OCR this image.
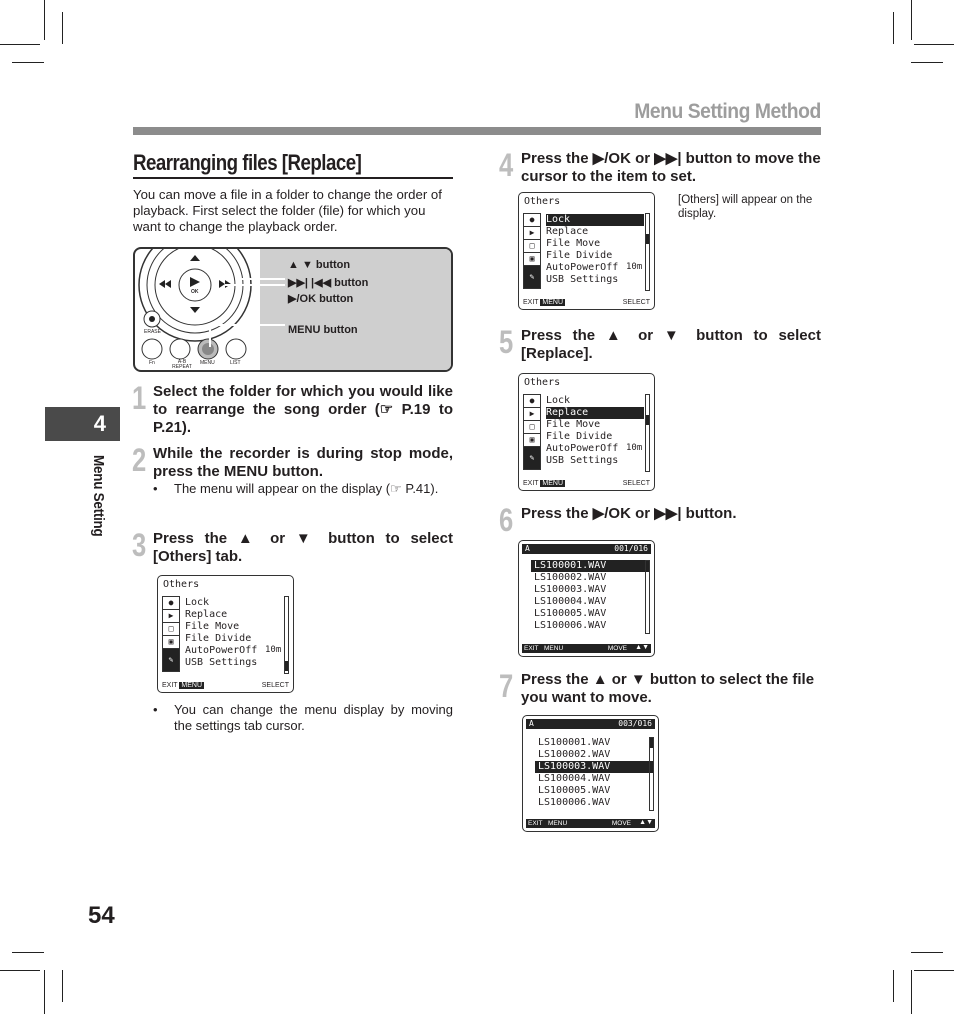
Menu Setting Method
Rearranging files [Replace]
You can move a file in a folder to change the order of playback. First select the folder (file) for which you want to change the playback order.
OK
ERASE
Fn	A-B REPEAT
MENU	LIST
▲ ▼ button
▶▶| |◀◀ button
▶/OK button
MENU button
1 Select the folder for which you would like to rearrange the song order (☞ P.19 to P.21).
2 While the recorder is during stop mode, press the MENU button.
•	The menu will appear on the display (☞ P.41).
3 Press the ▲ or ▼ button to select [Others] tab.
Others
●
▶
□
▣
✎
Lock
Replace
File Move
File Divide
AutoPowerOff
USB Settings
10m
EXIT MENU	SELECT
•	You can change the menu display by moving the settings tab cursor.
4 Press the ▶/OK or ▶▶| button to move the cursor to the item to set.
Others
●
▶
□
▣
✎
Lock
Replace
File Move
File Divide
AutoPowerOff
USB Settings
10m
EXIT MENU	SELECT
[Others] will appear on the display.
5 Press the ▲ or ▼ button to select [Replace].
Others
●
▶
□
▣
✎
Lock
Replace
File Move
File Divide
AutoPowerOff
USB Settings
10m
EXIT MENU	SELECT
6 Press the ▶/OK or ▶▶| button.
A	001/016
LS100001.WAV
LS100002.WAV
LS100003.WAV
LS100004.WAV
LS100005.WAV
LS100006.WAV
EXIT MENU	MOVE ▲▼
7 Press the ▲ or ▼ button to select the file you want to move.
A	003/016
LS100001.WAV
LS100002.WAV
LS100003.WAV
LS100004.WAV
LS100005.WAV
LS100006.WAV
EXIT MENU	MOVE ▲▼
4
Menu Setting
54
